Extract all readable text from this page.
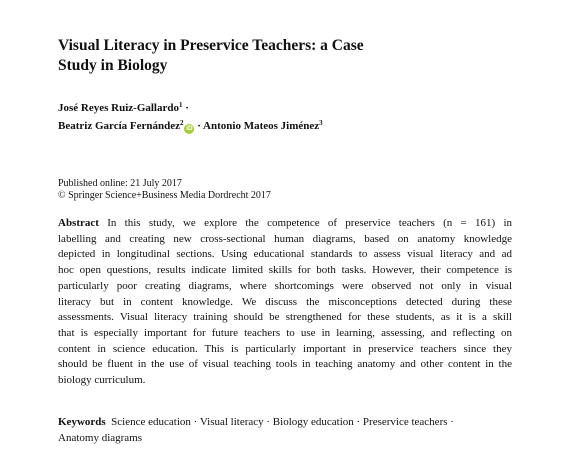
Visual Literacy in Preservice Teachers: a Case
Study in Biology
José Reyes Ruiz-Gallardo$^1$ ·
Beatriz García Fernández$^2$iD · Antonio Mateos Jiménez$^3$
Published online: 21 July 2017
© Springer Science+Business Media Dordrecht 2017
Abstract In this study, we explore the competence of preservice teachers (n = 161) in
labelling and creating new cross-sectional human diagrams, based on anatomy knowledge
depicted in longitudinal sections. Using educational standards to assess visual literacy and ad
hoc open questions, results indicate limited skills for both tasks. However, their competence is
particularly poor creating diagrams, where shortcomings were observed not only in visual
literacy but in content knowledge. We discuss the misconceptions detected during these
assessments. Visual literacy training should be strengthened for these students, as it is a skill
that is especially important for future teachers to use in learning, assessing, and reflecting on
content in science education. This is particularly important in preservice teachers since they
should be fluent in the use of visual teaching tools in teaching anatomy and other content in the
biology curriculum.
Keywords Science education · Visual literacy · Biology education · Preservice teachers ·
Anatomy diagrams
